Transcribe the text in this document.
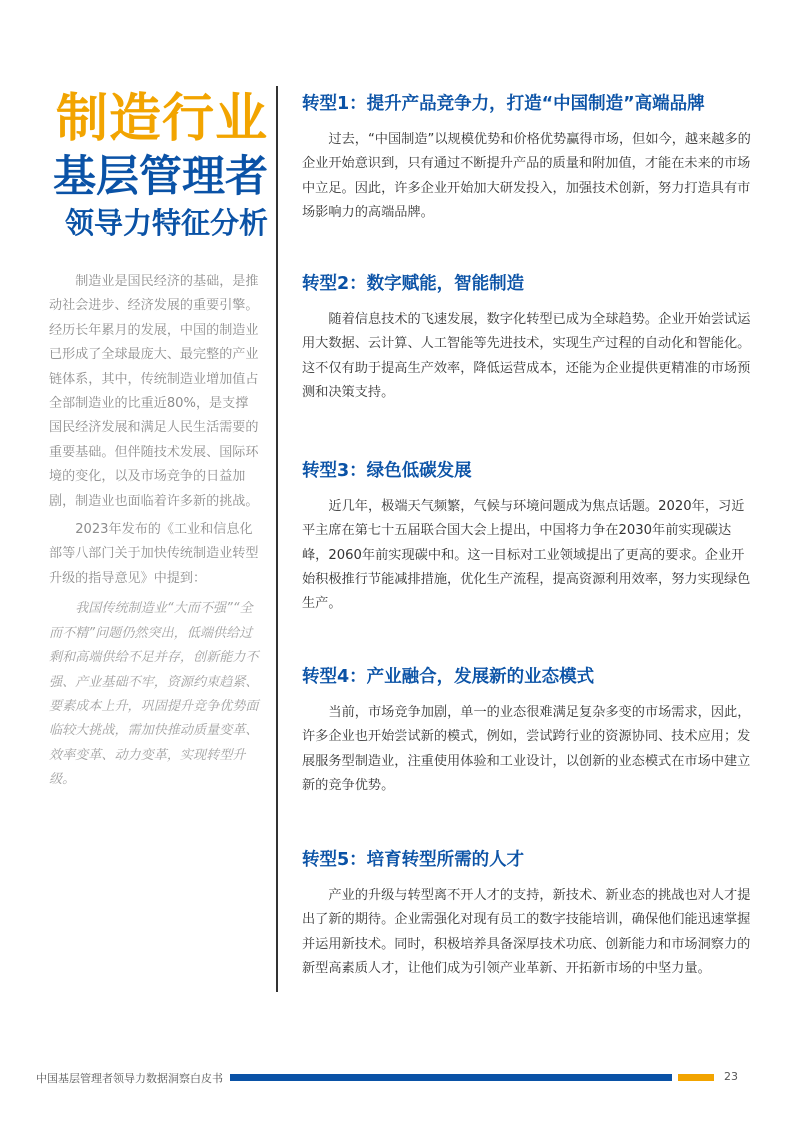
制造行业
基层管理者
领导力特征分析

制造业是国民经济的基础，是推动社会进步、经济发展的重要引擎。经历长年累月的发展，中国的制造业已形成了全球最庞大、最完整的产业链体系，其中，传统制造业增加值占全部制造业的比重近80%，是支撑国民经济发展和满足人民生活需要的重要基础。但伴随技术发展、国际环境的变化，以及市场竞争的日益加剧，制造业也面临着许多新的挑战。

2023年发布的《工业和信息化部等八部门关于加快传统制造业转型升级的指导意见》中提到：

我国传统制造业“大而不强”“全而不精”问题仍然突出，低端供给过剩和高端供给不足并存，创新能力不强、产业基础不牢，资源约束趋紧、要素成本上升，巩固提升竞争优势面临较大挑战，需加快推动质量变革、效率变革、动力变革，实现转型升级。

转型1：提升产品竞争力，打造“中国制造”高端品牌

过去，“中国制造”以规模优势和价格优势赢得市场，但如今，越来越多的企业开始意识到，只有通过不断提升产品的质量和附加值，才能在未来的市场中立足。因此，许多企业开始加大研发投入，加强技术创新，努力打造具有市场影响力的高端品牌。

转型2：数字赋能，智能制造

随着信息技术的飞速发展，数字化转型已成为全球趋势。企业开始尝试运用大数据、云计算、人工智能等先进技术，实现生产过程的自动化和智能化。这不仅有助于提高生产效率，降低运营成本，还能为企业提供更精准的市场预测和决策支持。

转型3：绿色低碳发展

近几年，极端天气频繁，气候与环境问题成为焦点话题。2020年，习近平主席在第七十五届联合国大会上提出，中国将力争在2030年前实现碳达峰，2060年前实现碳中和。这一目标对工业领域提出了更高的要求。企业开始积极推行节能减排措施，优化生产流程，提高资源利用效率，努力实现绿色生产。

转型4：产业融合，发展新的业态模式

当前，市场竞争加剧，单一的业态很难满足复杂多变的市场需求，因此，许多企业也开始尝试新的模式，例如，尝试跨行业的资源协同、技术应用；发展服务型制造业，注重使用体验和工业设计，以创新的业态模式在市场中建立新的竞争优势。

转型5：培育转型所需的人才

产业的升级与转型离不开人才的支持，新技术、新业态的挑战也对人才提出了新的期待。企业需强化对现有员工的数字技能培训，确保他们能迅速掌握并运用新技术。同时，积极培养具备深厚技术功底、创新能力和市场洞察力的新型高素质人才，让他们成为引领产业革新、开拓新市场的中坚力量。

中国基层管理者领导力数据洞察白皮书	23
